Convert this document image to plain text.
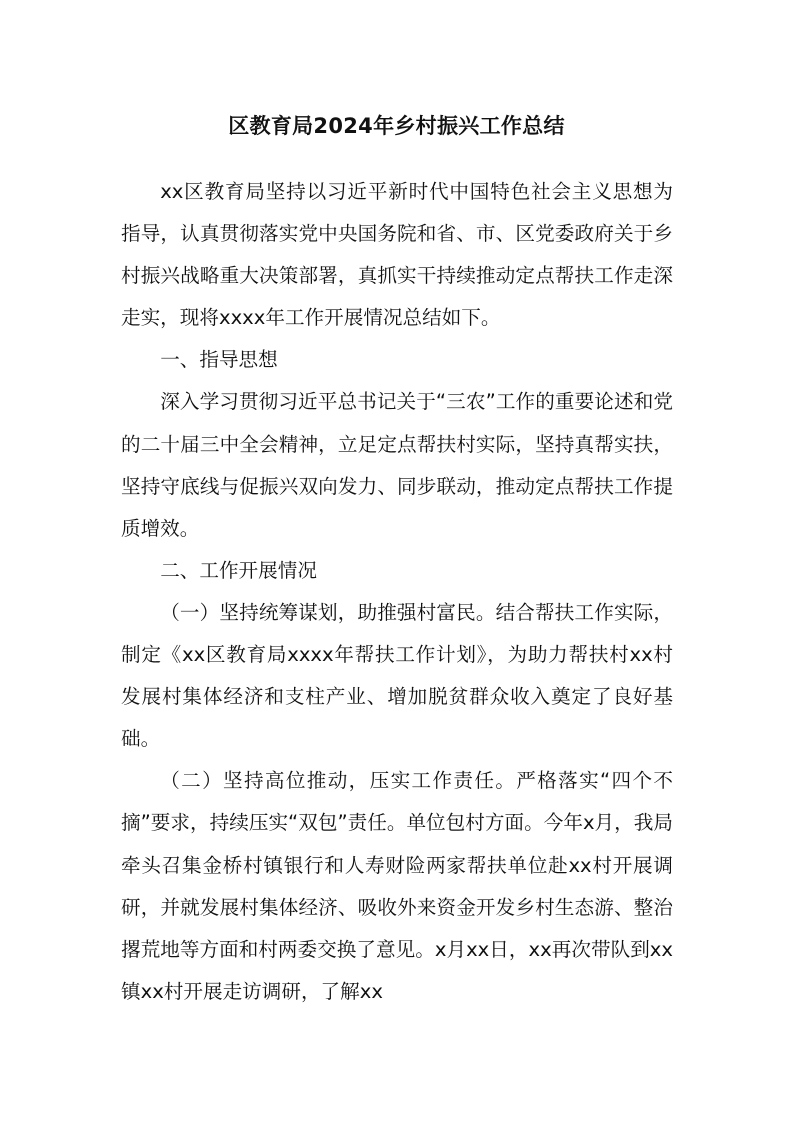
区教育局2024年乡村振兴工作总结

xx区教育局坚持以习近平新时代中国特色社会主义思想为指导，认真贯彻落实党中央国务院和省、市、区党委政府关于乡村振兴战略重大决策部署，真抓实干持续推动定点帮扶工作走深走实，现将xxxx年工作开展情况总结如下。

一、指导思想

深入学习贯彻习近平总书记关于“三农”工作的重要论述和党的二十届三中全会精神，立足定点帮扶村实际，坚持真帮实扶，坚持守底线与促振兴双向发力、同步联动，推动定点帮扶工作提质增效。

二、工作开展情况

（一）坚持统筹谋划，助推强村富民。结合帮扶工作实际，制定《xx区教育局xxxx年帮扶工作计划》，为助力帮扶村xx村发展村集体经济和支柱产业、增加脱贫群众收入奠定了良好基础。

（二）坚持高位推动，压实工作责任。严格落实“四个不摘”要求，持续压实“双包”责任。单位包村方面。今年x月，我局牵头召集金桥村镇银行和人寿财险两家帮扶单位赴xx村开展调研，并就发展村集体经济、吸收外来资金开发乡村生态游、整治撂荒地等方面和村两委交换了意见。x月xx日，xx再次带队到xx镇xx村开展走访调研，了解xx
